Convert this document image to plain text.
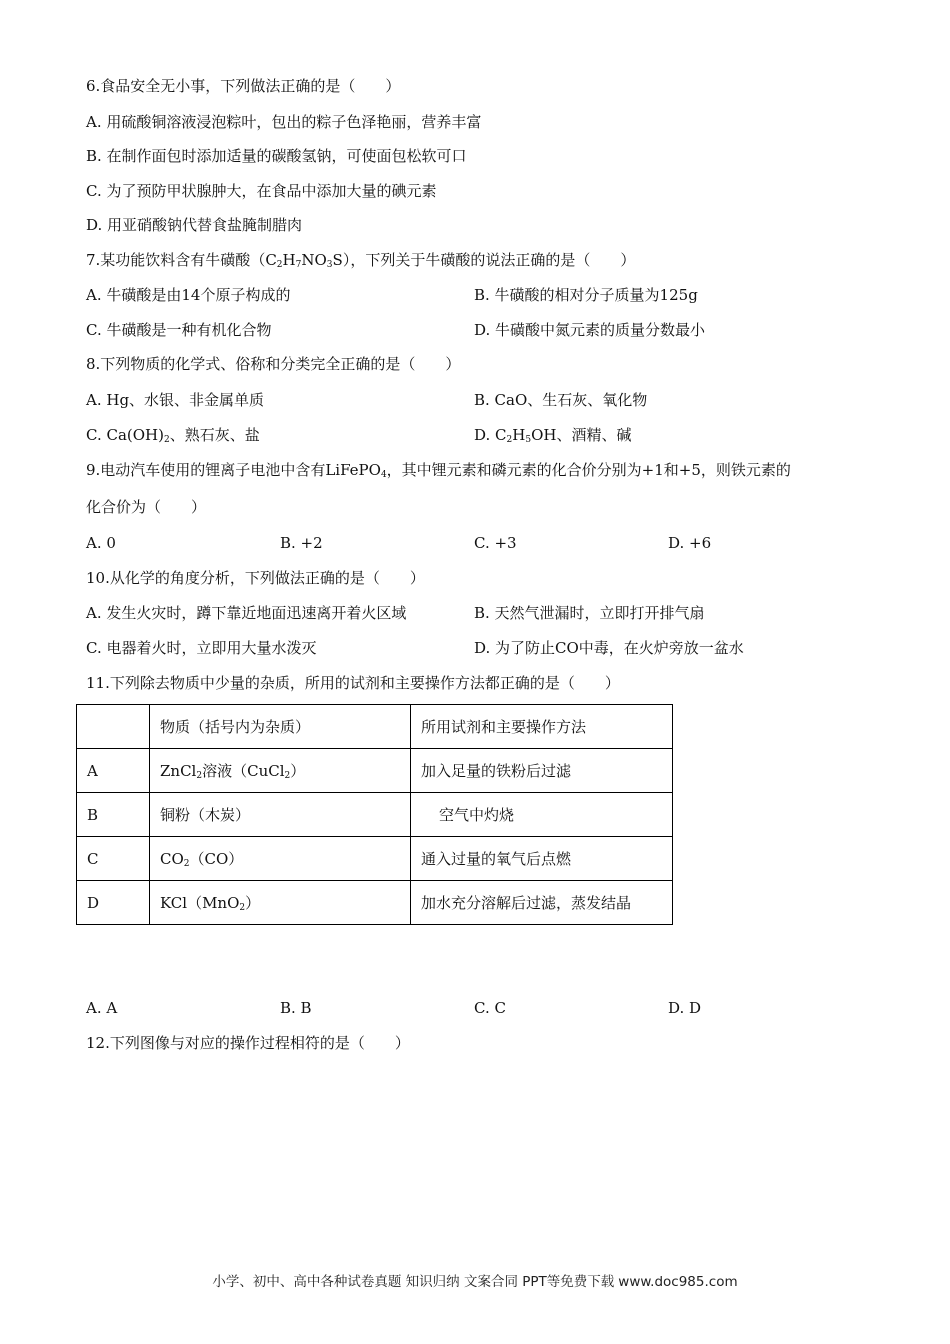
6.食品安全无小事，下列做法正确的是（　　）
A. 用硫酸铜溶液浸泡粽叶，包出的粽子色泽艳丽，营养丰富
B. 在制作面包时添加适量的碳酸氢钠，可使面包松软可口
C. 为了预防甲状腺肿大，在食品中添加大量的碘元素
D. 用亚硝酸钠代替食盐腌制腊肉
7.某功能饮料含有牛磺酸$(C_2H_7NO_3S)$，下列关于牛磺酸的说法正确的是（　　）
A. 牛磺酸是由14个原子构成的	B. 牛磺酸的相对分子质量为125g
C. 牛磺酸是一种有机化合物	D. 牛磺酸中氮元素的质量分数最小
8.下列物质的化学式、俗称和分类完全正确的是（　　）
A. Hg、水银、非金属单质	B. CaO、生石灰、氧化物
C. $Ca(OH)_2$、熟石灰、盐	D. $C_2H_5OH$、酒精、碱
9.电动汽车使用的锂离子电池中含有LiFePO$_4$，其中锂元素和磷元素的化合价分别为+1和+5，则铁元素的
化合价为（　　）
A. 0	B. +2	C. +3	D. +6
10.从化学的角度分析，下列做法正确的是（　　）
A. 发生火灾时，蹲下靠近地面迅速离开着火区域	B. 天然气泄漏时，立即打开排气扇
C. 电器着火时，立即用大量水泼灭	D. 为了防止CO中毒，在火炉旁放一盆水
11.下列除去物质中少量的杂质，所用的试剂和主要操作方法都正确的是（　　）
	物质（括号内为杂质）	所用试剂和主要操作方法
A	ZnCl$_2$溶液（CuCl$_2$）	加入足量的铁粉后过滤
B	铜粉（木炭）	空气中灼烧
C	$CO_2(CO)$	通入过量的氧气后点燃
D	KCl（MnO$_2$）	加水充分溶解后过滤，蒸发结晶
A. A	B. B	C. C	D. D
12.下列图像与对应的操作过程相符的是（　　）
小学、初中、高中各种试卷真题 知识归纳 文案合同 PPT等免费下载 www.doc985.com
